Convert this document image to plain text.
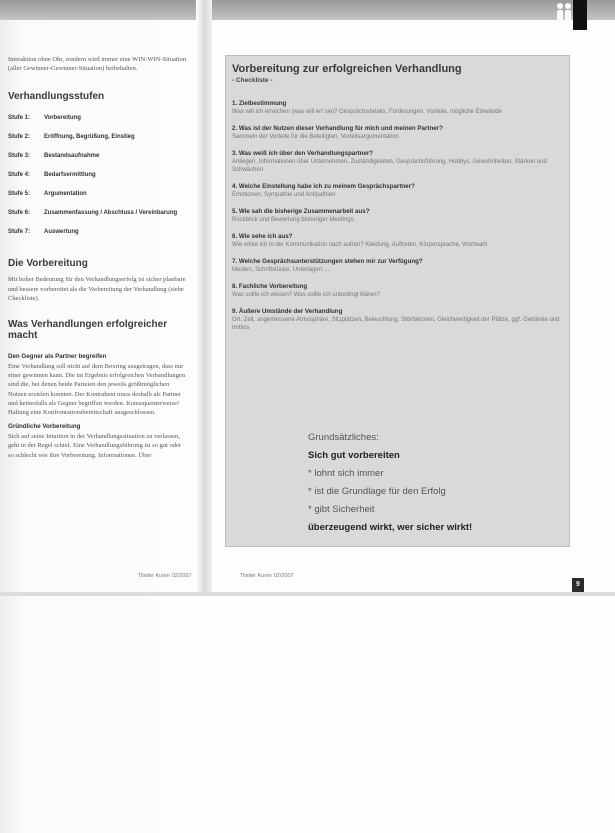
Interaktion ohne Ohr, sondern wird immer eine WIN-WIN-Situation (aller Gewinner-Gewinner-Situation) beibehalten.

Verhandlungsstufen
Stufe 1:	Vorbereitung
Stufe 2:	Eröffnung, Begrüßung, Einstieg
Stufe 3:	Bestandsaufnahme
Stufe 4:	Bedarfsermittlung
Stufe 5:	Argumentation
Stufe 6:	Zusammenfassung / Abschluss / Vereinbarung
Stufe 7:	Auswertung
Die Vorbereitung

Mit hoher Bedeutung für den Verhandlungserfolg ist sicher planbare und bessere vorbereitet als die Vorbereitung der Verhandlung (siehe Checkliste).

Was Verhandlungen erfolgreicher macht
Den Gegner als Partner begreifen

Eine Verhandlung soll nicht auf dem Boxring ausgetragen, dass nur einer gewinnen kann. Die im Ergebnis erfolgreichen Verhandlungen sind die, bei denen beide Parteien den jeweils größtmöglichen Nutzen erzielen konnten. Der Kontrahent muss deshalb als Partner und keinesfalls als Gegner begriffen werden. Konsequenterweise! Haltung eine Konfrontationsbereitschaft ausgeschlossen.

Gründliche Vorbereitung

Sich auf seine Intuition in der Verhandlungssituation zu verlassen, geht in der Regel schief. Eine Verhandlungsführung ist so gut oder so schlecht wie ihre Vorbereitung. Informationen. Über

Tilsiter Kurier 02/2007
Vorbereitung zur erfolgreichen Verhandlung
- Checkliste -
1. Zielbestimmung
Was will ich erreichen (was will er/ sie)? Gesprächsdetails, Forderungen, Vorteile, mögliche Einwände
2. Was ist der Nutzen dieser Verhandlung für mich und meinen Partner?
Sammeln der Vorteile für die Beteiligten, Vorteilsargumentation
3. Was weiß ich über den Verhandlungspartner?
Anliegen, Informationen über Unternehmen, Zuständigkeiten, Gesprächsführung, Hobbys, Gewohnheiten, Stärken und Schwächen
4. Welche Einstellung habe ich zu meinem Gesprächspartner?
Emotionen, Sympathie und Antipathien
5. Wie sah die bisherige Zusammenarbeit aus?
Rückblick und Bewertung bisheriger Meetings
6. Wie sehe ich aus?
Wie wirke ich in der Kommunikation nach außen? Kleidung, Auftreten, Körpersprache, Wortwahl
7. Welche Gesprächsunterstützungen stehen mir zur Verfügung?
Medien, Schriftstücke, Unterlagen …
8. Fachliche Vorbereitung
Was sollte ich wissen? Was sollte ich unbedingt klären?
9. Äußere Umstände der Verhandlung
Ort, Zeit, angemessene Atmosphäre, Sitzplätzen, Beleuchtung, Störfaktoren, Gleichwertigkeit der Plätze, ggf. Getränke und Imbiss
Grundsätzliches:
Sich gut vorbereiten
* lohnt sich immer
* ist die Grundlage für den Erfolg
* gibt Sicherheit
überzeugend wirkt, wer sicher wirkt!
Tilsiter Kurier 02/2007
9
